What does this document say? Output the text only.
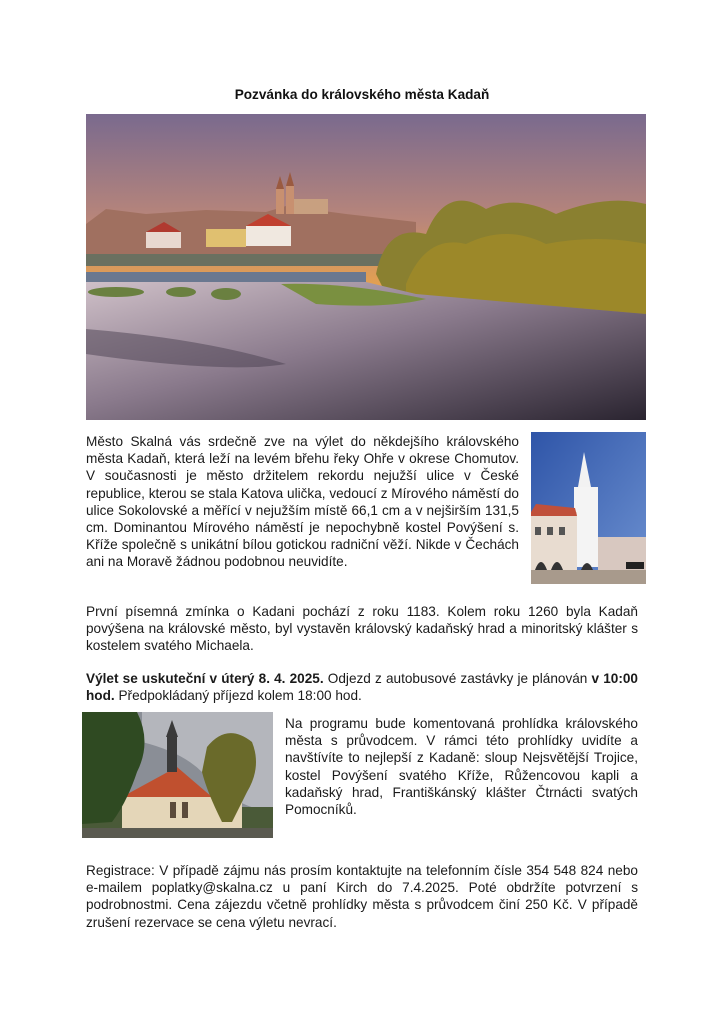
Pozvánka do královského města Kadaň
Město Skalná vás srdečně zve na výlet do někdejšího královského města Kadaň, která leží na levém břehu řeky Ohře v okrese Chomutov. V současnosti je město držitelem rekordu nejužší ulice v České republice, kterou se stala Katova ulička, vedoucí z Mírového náměstí do ulice Sokolovské a měřící v nejužším místě 66,1 cm a v nejširším 131,5 cm. Dominantou Mírového náměstí je nepochybně kostel Povýšení s. Kříže společně s unikátní bílou gotickou radniční věží. Nikde v Čechách ani na Moravě žádnou podobnou neuvidíte.
První písemná zmínka o Kadani pochází z roku 1183. Kolem roku 1260 byla Kadaň povýšena na královské město, byl vystavěn královský kadaňský hrad a minoritský klášter s kostelem svatého Michaela.
Výlet se uskuteční v úterý 8. 4. 2025. Odjezd z autobusové zastávky je plánován v 10:00 hod. Předpokládaný příjezd kolem 18:00 hod.
Na programu bude komentovaná prohlídka královského města s průvodcem. V rámci této prohlídky uvidíte a navštívíte to nejlepší z Kadaně: sloup Nejsvětější Trojice, kostel Povýšení svatého Kříže, Růžencovou kapli a kadaňský hrad, Františkánský klášter Čtrnácti svatých Pomocníků.
Registrace: V případě zájmu nás prosím kontaktujte na telefonním čísle 354 548 824 nebo e-mailem poplatky@skalna.cz u paní Kirch do 7.4.2025. Poté obdržíte potvrzení s podrobnostmi. Cena zájezdu včetně prohlídky města s průvodcem činí 250 Kč. V případě zrušení rezervace se cena výletu nevrací.
